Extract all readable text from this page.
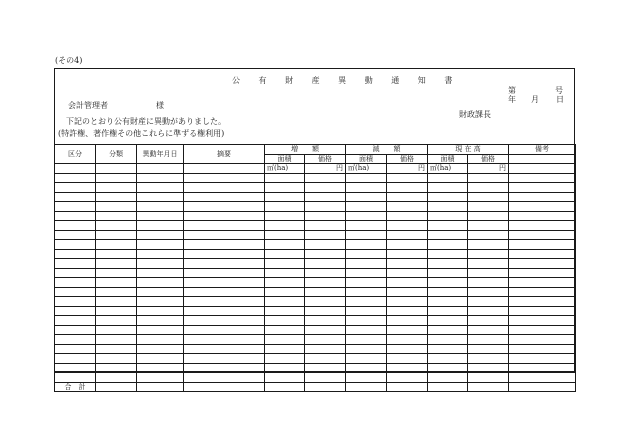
(その4)
公 有 財 産 異 動 通 知 書
第	号
年 月 日
会計管理者	様
財政課長
下記のとおり公有財産に異動がありました。
(特許権、著作権その他これらに準ずる権利用)
区分	分類	異動年月日	摘要	増　　額		減　　額		現 在 高		備考
				面積	価格	面積	価格	面積	価格	
				㎡(ha)	円	㎡(ha)	円	㎡(ha)	円	

合　計										
